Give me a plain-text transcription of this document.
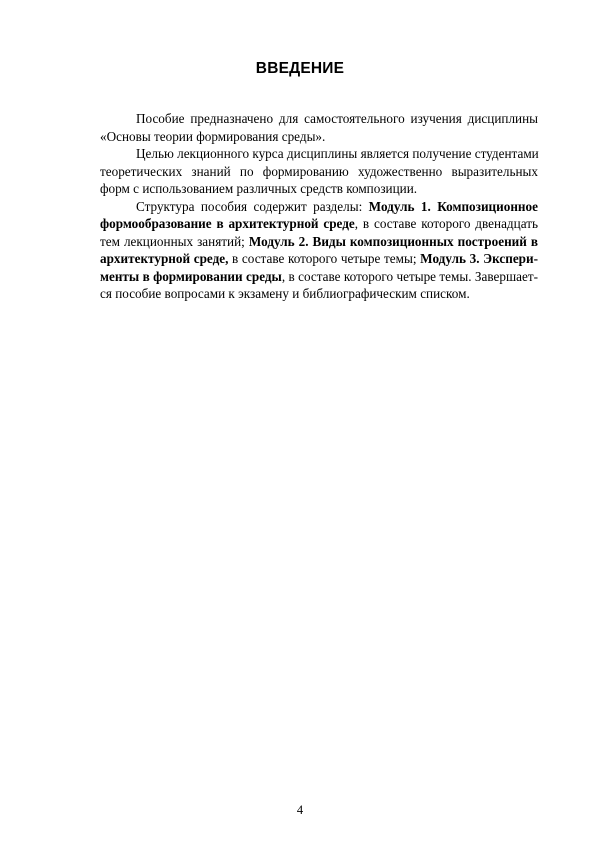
ВВЕДЕНИЕ
Пособие предназначено для самостоятельного изучения дисциплины
«Основы теории формирования среды».
Целью лекционного курса дисциплины является получение студентами
теоретических знаний по формированию художественно выразительных
форм с использованием различных средств композиции.
Структура пособия содержит разделы: Модуль 1. Композиционное
формообразование в архитектурной среде, в составе которого двенадцать
тем лекционных занятий; Модуль 2. Виды композиционных построений в
архитектурной среде, в составе которого четыре темы; Модуль 3. Экспери-
менты в формировании среды, в составе которого четыре темы. Завершает-
ся пособие вопросами к экзамену и библиографическим списком.
4
